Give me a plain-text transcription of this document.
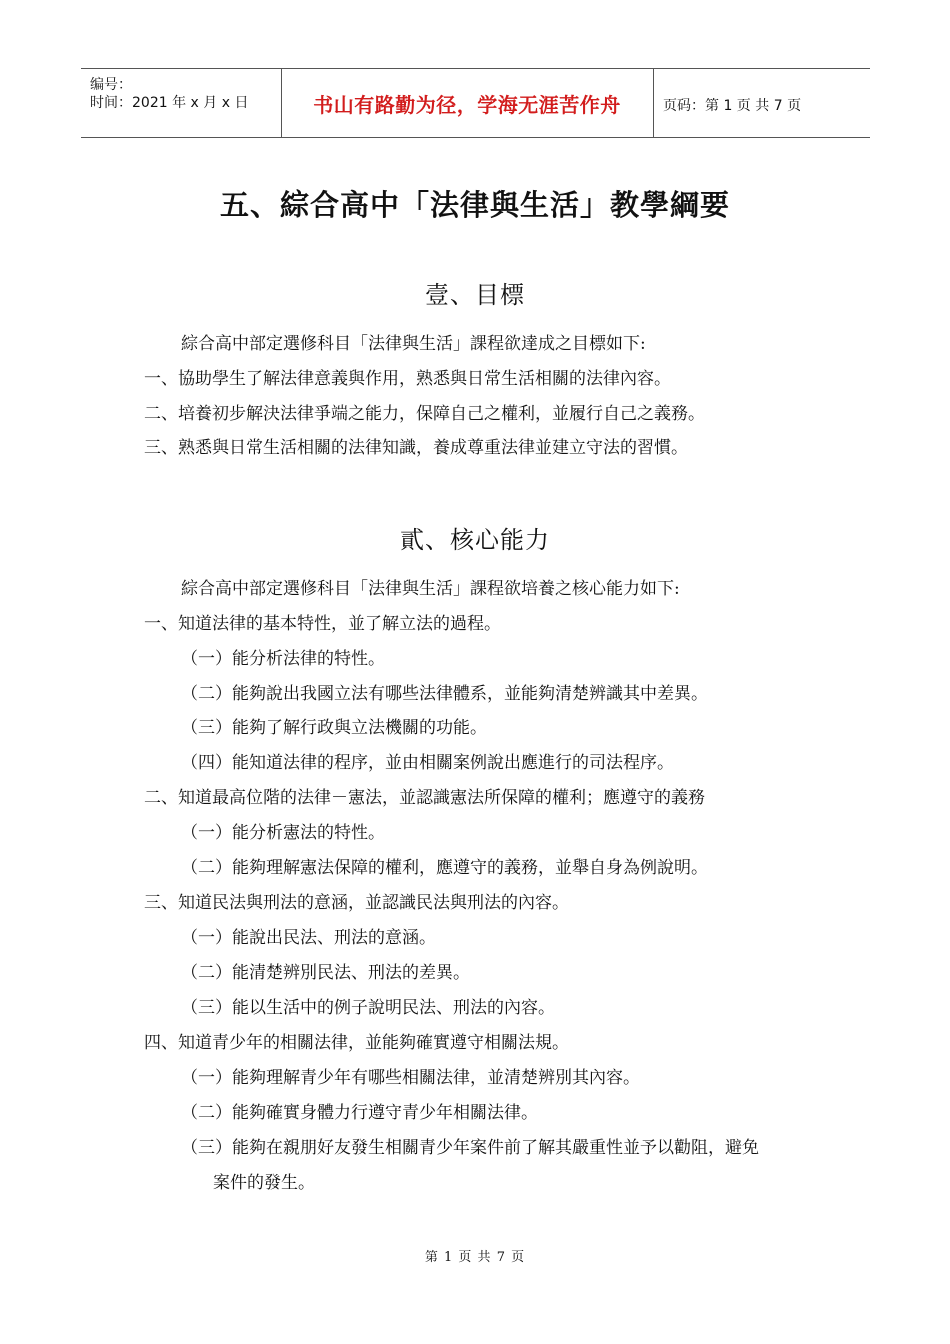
编号：
时间：2021 年 x 月 x 日	书山有路勤为径，学海无涯苦作舟	页码：第 1 页 共 7 页
五、綜合高中「法律與生活」教學綱要
壹、目標
綜合高中部定選修科目「法律與生活」課程欲達成之目標如下:
一、協助學生了解法律意義與作用，熟悉與日常生活相關的法律內容。
二、培養初步解決法律爭端之能力，保障自己之權利，並履行自己之義務。
三、熟悉與日常生活相關的法律知識，養成尊重法律並建立守法的習慣。
貳、核心能力
綜合高中部定選修科目「法律與生活」課程欲培養之核心能力如下:
一、知道法律的基本特性，並了解立法的過程。
（一）能分析法律的特性。
（二）能夠說出我國立法有哪些法律體系，並能夠清楚辨識其中差異。
（三）能夠了解行政與立法機關的功能。
（四）能知道法律的程序，並由相關案例說出應進行的司法程序。
二、知道最高位階的法律－憲法，並認識憲法所保障的權利；應遵守的義務
（一）能分析憲法的特性。
（二）能夠理解憲法保障的權利，應遵守的義務，並舉自身為例說明。
三、知道民法與刑法的意涵，並認識民法與刑法的內容。
（一）能說出民法、刑法的意涵。
（二）能清楚辨別民法、刑法的差異。
（三）能以生活中的例子說明民法、刑法的內容。
四、知道青少年的相關法律，並能夠確實遵守相關法規。
（一）能夠理解青少年有哪些相關法律，並清楚辨別其內容。
（二）能夠確實身體力行遵守青少年相關法律。
（三）能夠在親朋好友發生相關青少年案件前了解其嚴重性並予以勸阻，避免
案件的發生。
第 1 页 共 7 页
